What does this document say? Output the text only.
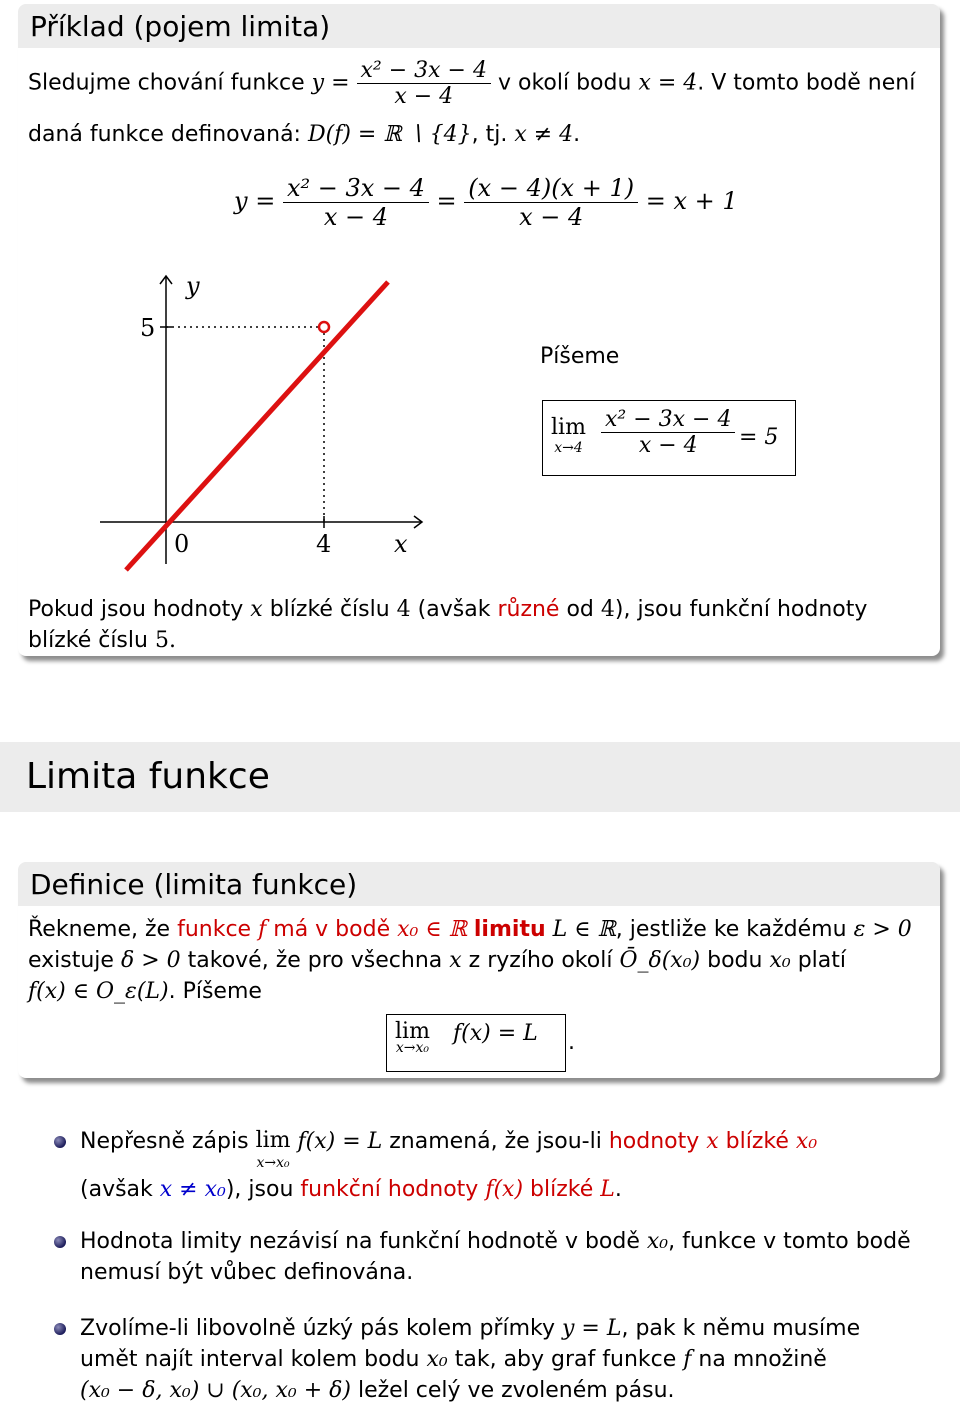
Příklad (pojem limita)
Sledujme chování funkce $y = \frac{\text{x² − 3x − 4}}{x - 4}$ v okolí bodu x = 4. V tomto bodě není
daná funkce definovaná: D(f) = ℝ ∖ {4}, tj. x ≠ 4.
$y = \frac{\text{x² − 3x − 4}}{x - 4} = \frac{(x - 4)(x + 1)}{x - 4} = x + 1$
y
x
0	4
5
Píšeme
lim
$x\to 4 \frac{\text{x² − 3x − 4}}{x - 4} = 5$
Pokud jsou hodnoty x blízké číslu 4 (avšak různé od 4), jsou funkční hodnoty
blízké číslu 5.
Limita funkce
Definice (limita funkce)
Řekneme, že funkce f má v bodě x₀ ∈ ℝ limitu L ∈ ℝ, jestliže ke každému ε > 0
existuje δ > 0 takové, že pro všechna x z ryzího okolí Ō_δ(x₀) bodu x₀ platí
f(x) ∈ O_ε(L). Píšeme
lim
x→x₀
f(x) = L .
Nepřesně zápis lim
x→x₀
f(x) = L znamená, že jsou-li hodnoty x blízké x₀
(avšak x ≠ x₀), jsou funkční hodnoty f(x) blízké L.
Hodnota limity nezávisí na funkční hodnotě v bodě x₀, funkce v tomto bodě
nemusí být vůbec definována.
Zvolíme-li libovolně úzký pás kolem přímky y = L, pak k němu musíme
umět najít interval kolem bodu x₀ tak, aby graf funkce f na množině
(x₀ − δ, x₀) ∪ (x₀, x₀ + δ) ležel celý ve zvoleném pásu.
